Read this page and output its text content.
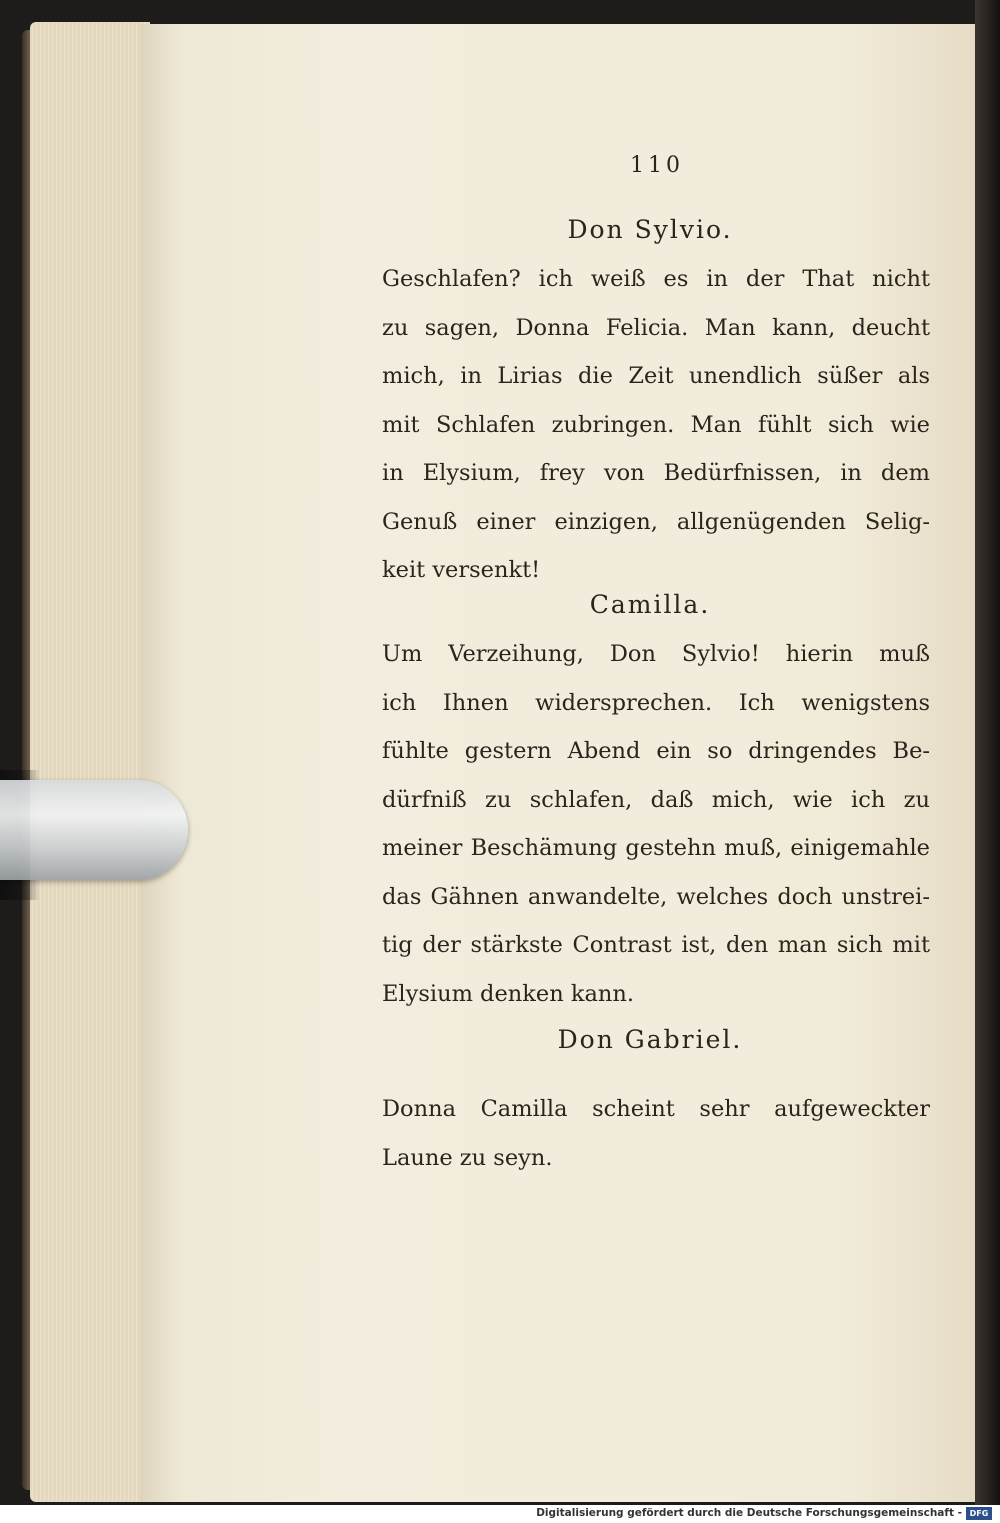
110
Don Sylvio.
Geschlafen? ich weiß es in der That nicht
zu sagen, Donna Felicia. Man kann, deucht
mich, in Lirias die Zeit unendlich süßer als
mit Schlafen zubringen. Man fühlt sich wie
in Elysium, frey von Bedürfnissen, in dem
Genuß einer einzigen, allgenügenden Selig-
keit versenkt!
Camilla.
Um Verzeihung, Don Sylvio! hierin muß
ich Ihnen widersprechen. Ich wenigstens
fühlte gestern Abend ein so dringendes Be-
dürfniß zu schlafen, daß mich, wie ich zu
meiner Beschämung gestehn muß, einigemahle
das Gähnen anwandelte, welches doch unstrei-
tig der stärkste Contrast ist, den man sich mit
Elysium denken kann.
Don Gabriel.
Donna Camilla scheint sehr aufgeweckter
Laune zu seyn.
Digitalisierung gefördert durch die Deutsche Forschungsgemeinschaft - DFG
